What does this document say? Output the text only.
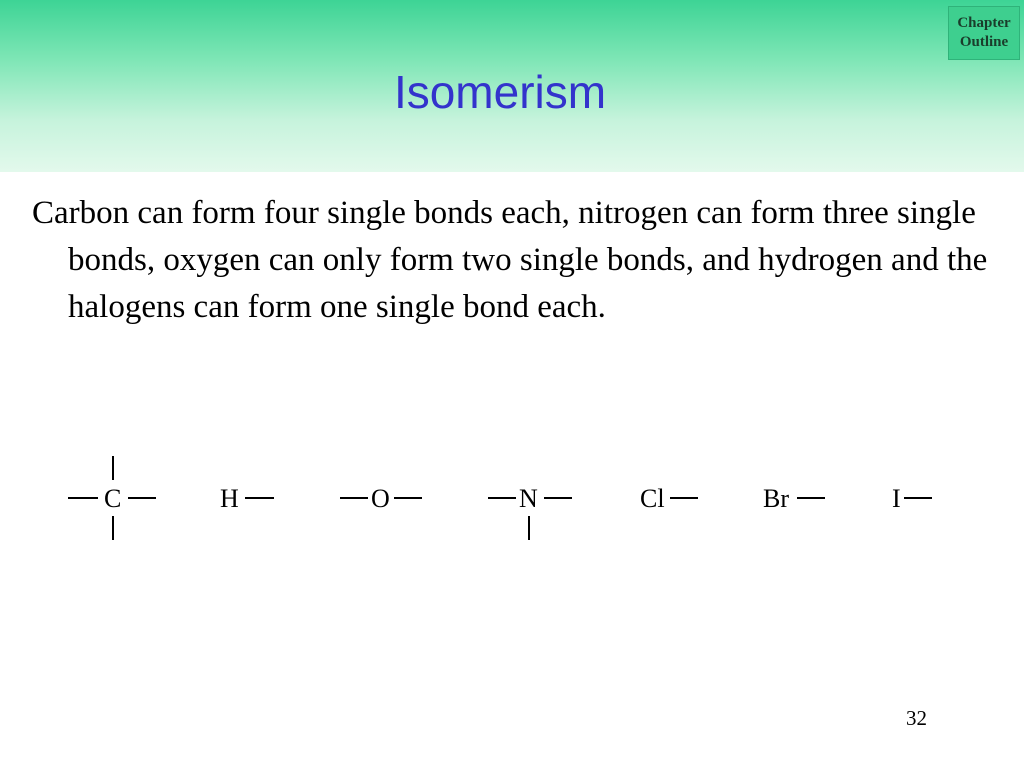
Chapter
Outline
Isomerism
Carbon can form four single bonds each, nitrogen can form three single bonds, oxygen can only form two single bonds, and hydrogen and the halogens can form one single bond each.
C	H	O	N	Cl	Br	I
32
